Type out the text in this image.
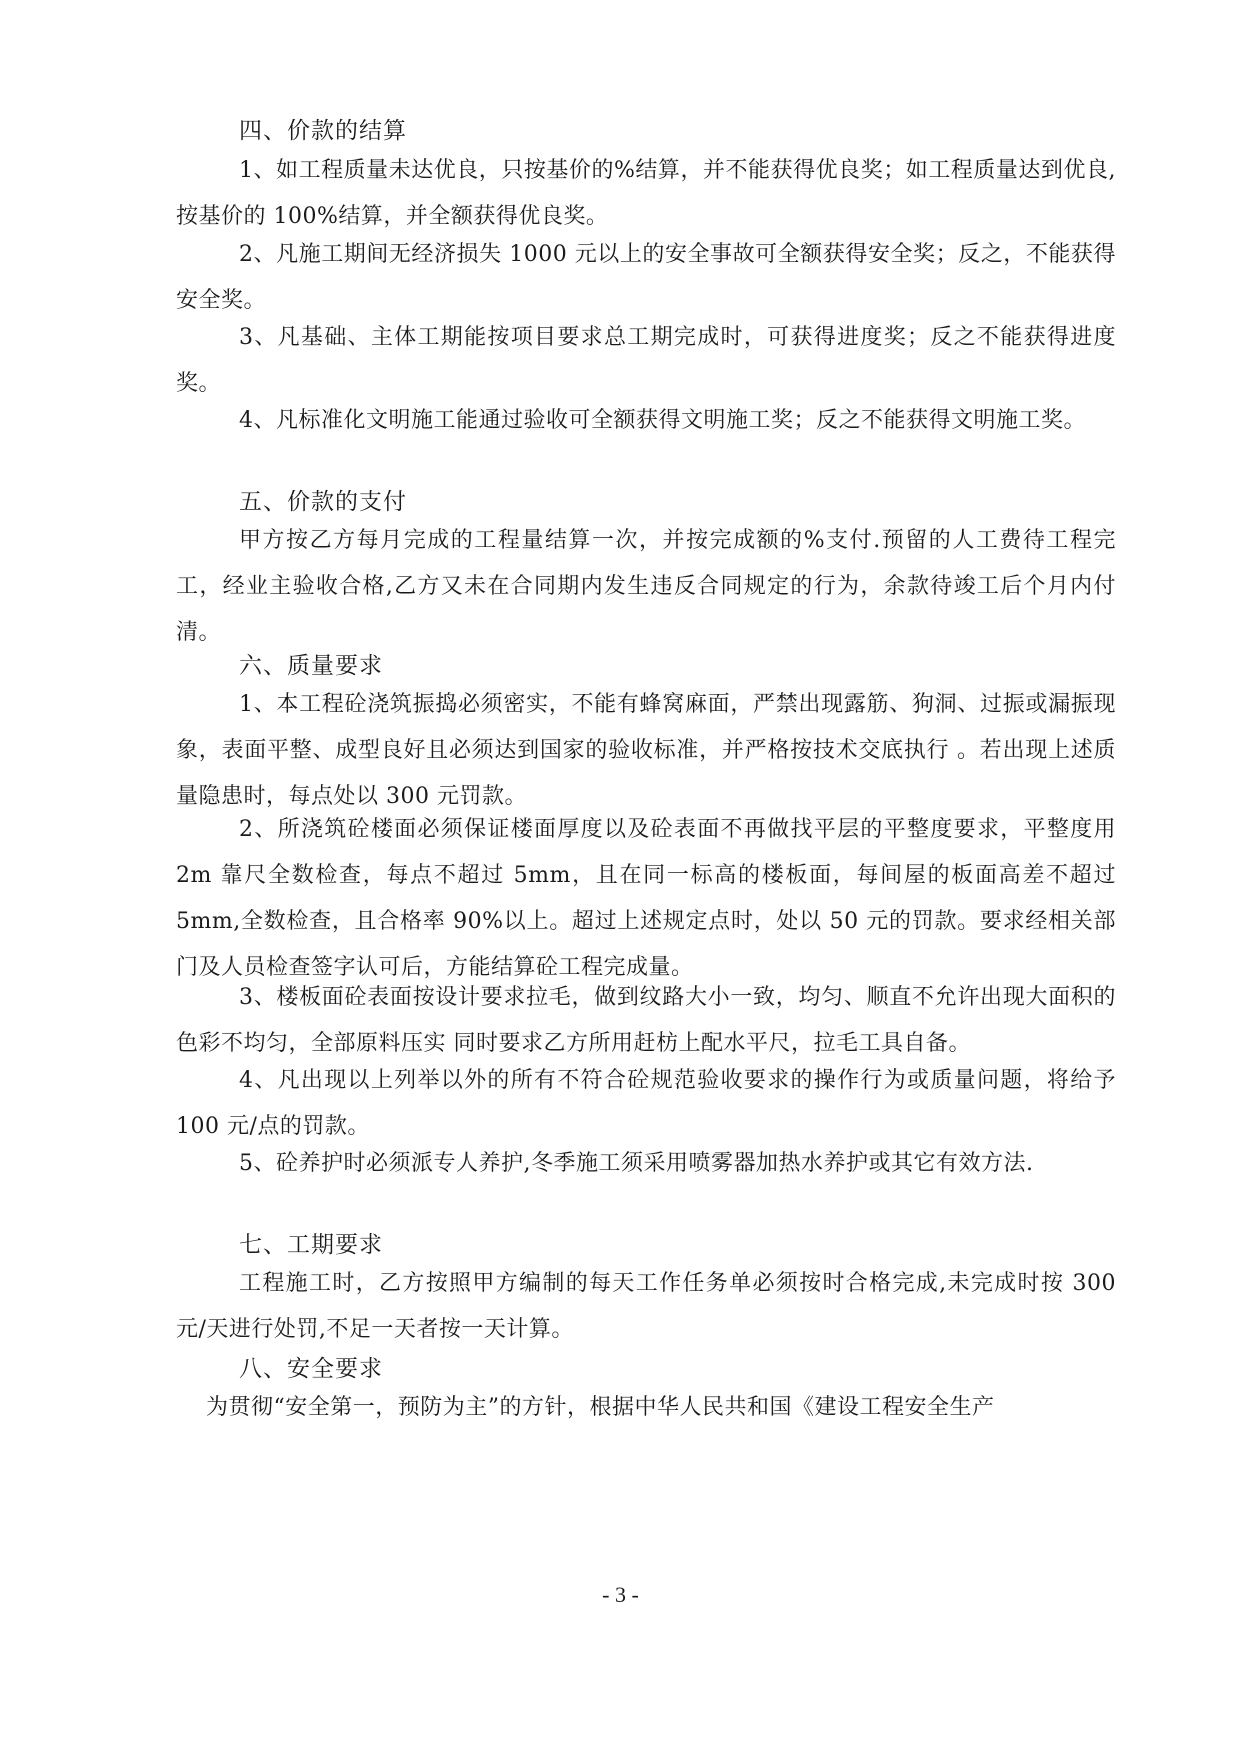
四、价款的结算
1、如工程质量未达优良，只按基价的%结算，并不能获得优良奖；如工程质量达到优良,按基价的 100%结算，并全额获得优良奖。
2、凡施工期间无经济损失 1000 元以上的安全事故可全额获得安全奖；反之，不能获得安全奖。
3、凡基础、主体工期能按项目要求总工期完成时，可获得进度奖；反之不能获得进度奖。
4、凡标准化文明施工能通过验收可全额获得文明施工奖；反之不能获得文明施工奖。
五、价款的支付
甲方按乙方每月完成的工程量结算一次，并按完成额的%支付.预留的人工费待工程完工，经业主验收合格,乙方又未在合同期内发生违反合同规定的行为，余款待竣工后个月内付清。
六、质量要求
1、本工程砼浇筑振捣必须密实，不能有蜂窝麻面，严禁出现露筋、狗洞、过振或漏振现象，表面平整、成型良好且必须达到国家的验收标准，并严格按技术交底执行 。若出现上述质量隐患时，每点处以 300 元罚款。
2、所浇筑砼楼面必须保证楼面厚度以及砼表面不再做找平层的平整度要求，平整度用 2m 靠尺全数检查，每点不超过 5mm，且在同一标高的楼板面，每间屋的板面高差不超过 5mm,全数检查，且合格率 90%以上。超过上述规定点时，处以 50 元的罚款。要求经相关部门及人员检查签字认可后，方能结算砼工程完成量。
3、楼板面砼表面按设计要求拉毛，做到纹路大小一致，均匀、顺直不允许出现大面积的色彩不均匀，全部原料压实 同时要求乙方所用赶枋上配水平尺，拉毛工具自备。
4、凡出现以上列举以外的所有不符合砼规范验收要求的操作行为或质量问题，将给予 100 元/点的罚款。
5、砼养护时必须派专人养护,冬季施工须采用喷雾器加热水养护或其它有效方法.
七、工期要求
工程施工时，乙方按照甲方编制的每天工作任务单必须按时合格完成,未完成时按 300 元/天进行处罚,不足一天者按一天计算。
八、安全要求
为贯彻“安全第一，预防为主”的方针，根据中华人民共和国《建设工程安全生产
- 3 -
